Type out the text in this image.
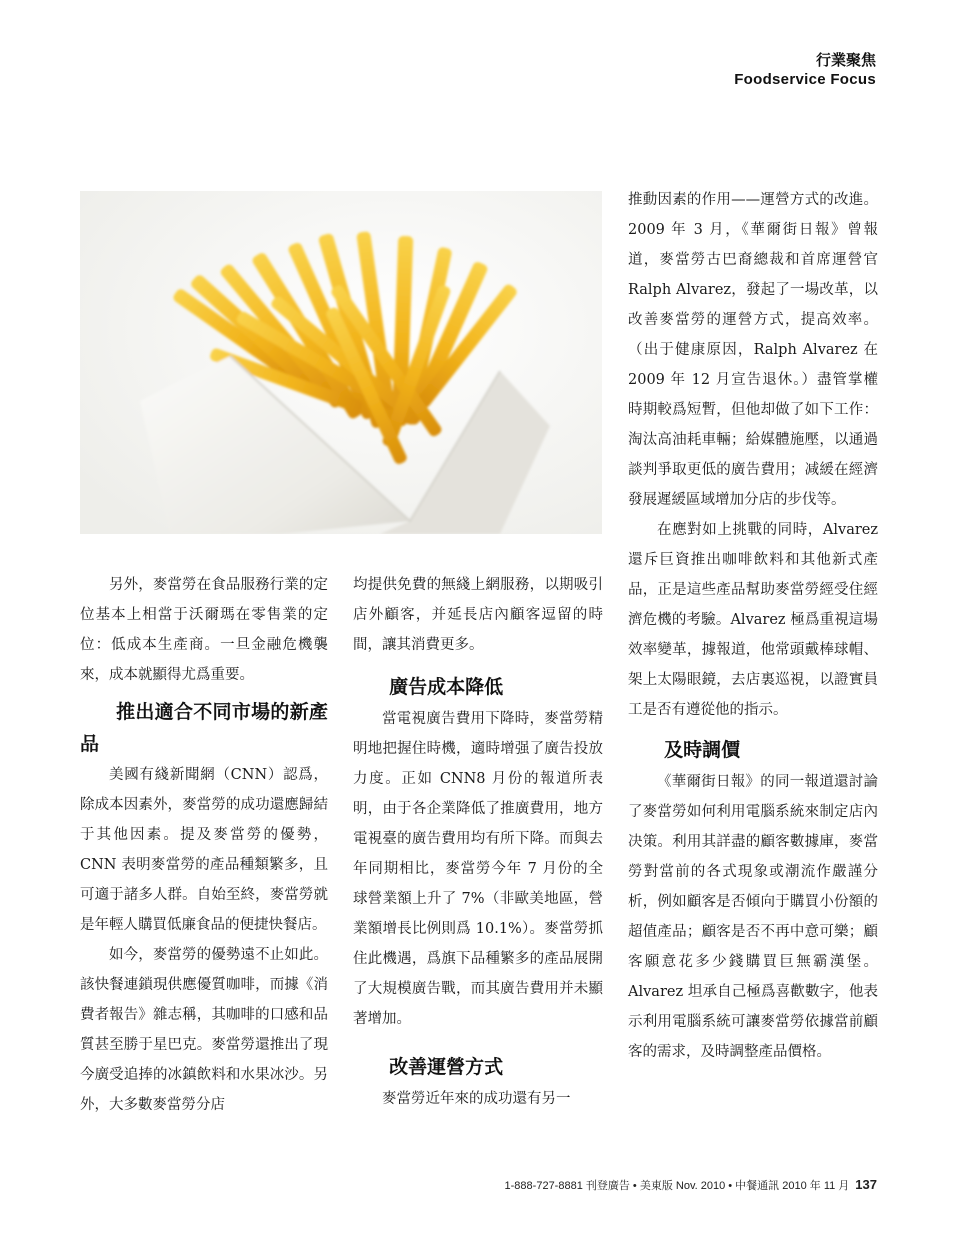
行業聚焦
Foodservice Focus

另外，麥當勞在食品服務行業的定位基本上相當于沃爾瑪在零售業的定位：低成本生產商。一旦金融危機襲來，成本就顯得尤爲重要。

推出適合不同市場的新產品

美國有綫新聞網（CNN）認爲，除成本因素外，麥當勞的成功還應歸結于其他因素。提及麥當勞的優勢，CNN 表明麥當勞的產品種類繁多，且可適于諸多人群。自始至終，麥當勞就是年輕人購買低廉食品的便捷快餐店。

如今，麥當勞的優勢遠不止如此。該快餐連鎖現供應優質咖啡，而據《消費者報告》雜志稱，其咖啡的口感和品質甚至勝于星巴克。麥當勞還推出了現今廣受追捧的冰鎮飲料和水果冰沙。另外，大多數麥當勞分店

均提供免費的無綫上網服務，以期吸引店外顧客，并延長店內顧客逗留的時間，讓其消費更多。

廣告成本降低

當電視廣告費用下降時，麥當勞精明地把握住時機，適時增强了廣告投放力度。正如 CNN8 月份的報道所表明，由于各企業降低了推廣費用，地方電視臺的廣告費用均有所下降。而與去年同期相比，麥當勞今年 7 月份的全球營業額上升了 7%（非歐美地區，營業額增長比例則爲 10.1%）。麥當勞抓住此機遇，爲旗下品種繁多的產品展開了大規模廣告戰，而其廣告費用并未顯著增加。

改善運營方式

麥當勞近年來的成功還有另一

推動因素的作用——運營方式的改進。2009 年 3 月，《華爾街日報》曾報道，麥當勞古巴裔總裁和首席運營官 Ralph Alvarez，發起了一場改革，以改善麥當勞的運營方式，提高效率。（出于健康原因，Ralph Alvarez 在 2009 年 12 月宣告退休。）盡管掌權時期較爲短暫，但他却做了如下工作：淘汰高油耗車輛；給媒體施壓，以通過談判爭取更低的廣告費用；减緩在經濟發展遲緩區域增加分店的步伐等。

在應對如上挑戰的同時，Alvarez 還斥巨資推出咖啡飲料和其他新式產品，正是這些產品幫助麥當勞經受住經濟危機的考驗。Alvarez 極爲重視這場效率變革，據報道，他常頭戴棒球帽、架上太陽眼鏡，去店裏巡視，以證實員工是否有遵從他的指示。

及時調價

《華爾街日報》的同一報道還討論了麥當勞如何利用電腦系統來制定店內决策。利用其詳盡的顧客數據庫，麥當勞對當前的各式現象或潮流作嚴謹分析，例如顧客是否傾向于購買小份額的超值產品；顧客是否不再中意可樂；顧客願意花多少錢購買巨無霸漢堡。Alvarez 坦承自己極爲喜歡數字，他表示利用電腦系統可讓麥當勞依據當前顧客的需求，及時調整產品價格。

1-888-727-8881 刊登廣告 • 美東版 Nov. 2010 • 中餐通訊 2010 年 11 月 137
